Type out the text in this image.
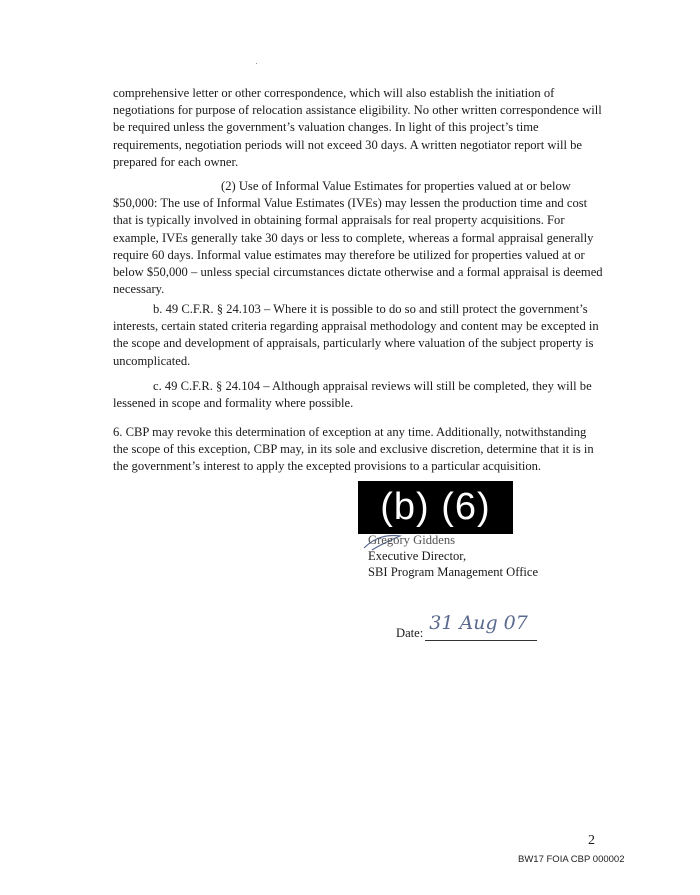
comprehensive letter or other correspondence, which will also establish the initiation of negotiations for purpose of relocation assistance eligibility. No other written correspondence will be required unless the government’s valuation changes. In light of this project’s time requirements, negotiation periods will not exceed 30 days. A written negotiator report will be prepared for each owner.

(2) Use of Informal Value Estimates for properties valued at or below $50,000: The use of Informal Value Estimates (IVEs) may lessen the production time and cost that is typically involved in obtaining formal appraisals for real property acquisitions. For example, IVEs generally take 30 days or less to complete, whereas a formal appraisal generally require 60 days. Informal value estimates may therefore be utilized for properties valued at or below $50,000 – unless special circumstances dictate otherwise and a formal appraisal is deemed necessary.

b. 49 C.F.R. § 24.103 – Where it is possible to do so and still protect the government’s interests, certain stated criteria regarding appraisal methodology and content may be excepted in the scope and development of appraisals, particularly where valuation of the subject property is uncomplicated.

c. 49 C.F.R. § 24.104 – Although appraisal reviews will still be completed, they will be lessened in scope and formality where possible.

6. CBP may revoke this determination of exception at any time. Additionally, notwithstanding the scope of this exception, CBP may, in its sole and exclusive discretion, determine that it is in the government’s interest to apply the excepted provisions to a particular acquisition.

(b) (6)
Gregory Giddens
Executive Director,
SBI Program Management Office
Date: 31 Aug 07
2
BW17 FOIA CBP 000002
